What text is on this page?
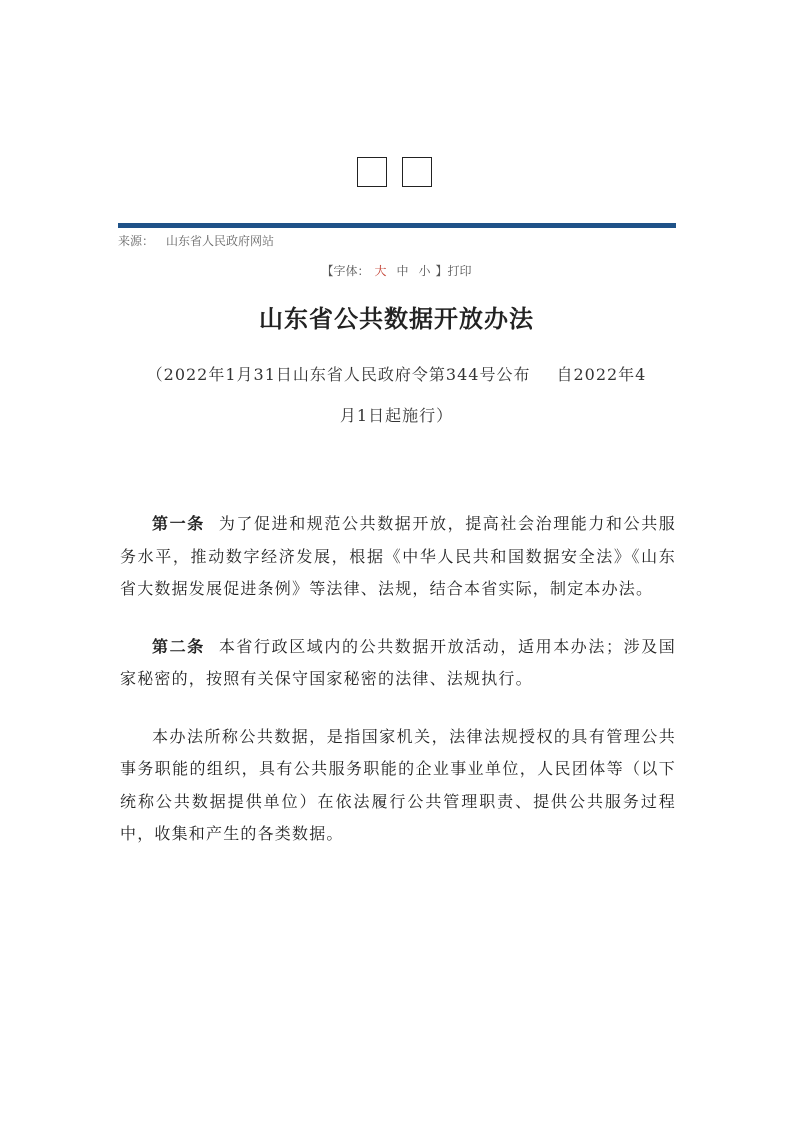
来源： 山东省人民政府网站
【字体： 大 中 小 】打印
山东省公共数据开放办法
（2022年1月31日山东省人民政府令第344号公布 自2022年4
月1日起施行）

第一条 为了促进和规范公共数据开放，提高社会治理能力和公共服务水平，推动数字经济发展，根据《中华人民共和国数据安全法》《山东省大数据发展促进条例》等法律、法规，结合本省实际，制定本办法。

第二条 本省行政区域内的公共数据开放活动，适用本办法；涉及国家秘密的，按照有关保守国家秘密的法律、法规执行。

本办法所称公共数据，是指国家机关，法律法规授权的具有管理公共事务职能的组织，具有公共服务职能的企业事业单位，人民团体等（以下统称公共数据提供单位）在依法履行公共管理职责、提供公共服务过程中，收集和产生的各类数据。
